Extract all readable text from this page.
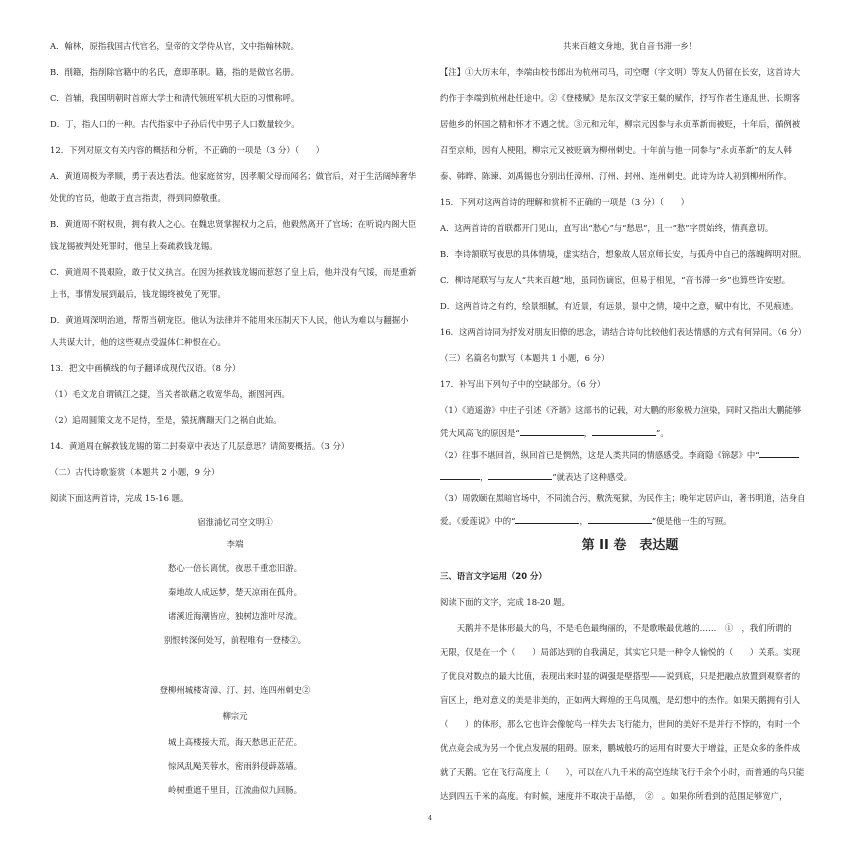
A．翰林，原指我国古代官名，皇帝的文学侍从官，文中指翰林院。
B．削籍，指削除官籍中的名氏，意即革职。籍，指的是做官名册。
C．首辅，我国明朝时首席大学士和清代领班军机大臣的习惯称呼。
D．丁，指人口的一种。古代指家中子孙后代中男子人口数量较少。
12．下列对原文有关内容的概括和分析，不正确的一项是（3 分）（　　）
A．黄道周极为孝顺，勇于表达看法。他家庭贫穷，因孝顺父母而闻名；做官后，对于生活阔绰奢华
处优的官员，他敢于直言指责，得到同僚敬重。
B．黄道周不附权贵，拥有救人之心。在魏忠贤掌握权力之后，他毅然离开了官场；在听说内阁大臣
钱龙锡被判处死罪时，他呈上奏疏救钱龙锡。
C．黄道周不畏艰险，敢于仗义执言。在因为拯救钱龙锡而惹怒了皇上后，他并没有气馁，而是重新
上书，事情发展到最后，钱龙锡终被免了死罪。
D．黄道周深明治道，帮帮当朝宠臣。他认为法律并不能用来压制天下人民，他认为难以与翻掘小
人共谋大计，他的这些观点受温体仁种恨在心。
13．把文中画横线的句子翻译成现代汉语。（8 分）
（1）毛文龙自谓镇江之捷，当关者欲藉之收宽华岛，渐图河西。
（2）追周圆策文龙不足恃，至是，猿抚膺蹦天门之祸自此始。
14．黄道周在解救钱龙锡的第二封奏章中表达了几层意思？请简要概括。（3 分）
（二）古代诗歌鉴赏（本题共 2 小题，9 分）
阅读下面这两首诗，完成 15-16 题。
宿淮浦忆司空文明①
李端
愁心一倍长离忧，夜思千重恋旧游。
秦地故人成远梦，楚天凉雨在孤舟。
诸溪近海潮皆应，独树边淮叶尽流。
别恨转深何处写，前程唯有一登楼②。
登柳州城楼寄漳、汀、封、连四州刺史②
柳宗元
城上高楼接大荒，海天愁思正茫茫。
惊风乱飐芙蓉水，密雨斜侵薜荔墙。
岭树重遮千里目，江流曲似九回肠。
共来百越文身地，犹自音书滞一乡！
【注】①大历末年，李端由校书郎出为杭州司马，司空曙（字文明）等友人仍留在长安，这首诗大
约作于李端到杭州赴任途中。②《登楼赋》是东汉文学家王粲的赋作，抒写作者生逢乱世、长期客
居他乡的怀国之精和怀才不遇之忧。③元和元年，柳宗元因参与永贞革新而被贬，十年后，循例被
召至京师，因有人梗阻，柳宗元又被贬谪为柳州刺史。十年前与他一同参与“永贞革新”的友人韩
泰、韩晔、陈谏、刘禹锡也分别出任漳州、汀州、封州、连州刺史。此诗为诗人初到柳州所作。
15．下列对这两首诗的理解和赏析不正确的一项是（3 分）（　　）
A．这两首诗的首联都开门见山，直写出“愁心”与“愁思”，且一“愁”字贯始终，情真意切。
B．李诗颔联写夜思的具体情境，虚实结合，想象故人居京师长安，与孤舟中自己的落魄辉明对照。
C．柳诗尾联写与友人“共来百越”地，虽同伤谪宦，但易于相见，“音书滞一乡”也算些许安慰。
D．这两首诗之有约，绘景细腻，有近景，有远景，景中之情，境中之意，赋中有比，不见痕迹。
16．这两首诗同为抒发对朋友旧僚的思念，请结合诗句比较他们表达情感的方式有何异同。（6 分）
（三）名篇名句默写（本题共 1 小题，6 分）
17．补写出下列句子中的空缺部分。（6 分）
（1）《逍遥游》中庄子引述《齐谐》这部书的记载，对大鹏的形象极力渲染，同时又指出大鹏能够
凭大风高飞的原因是“	，	”。
（2）往事不堪回首，纵回首已是惘然，这是人类共同的情感感受。李商隐《锦瑟》中“
，	”就表达了这种感受。
（3）周敦颐在黑暗官场中，不同流合污，敷洗冤狱，为民作主；晚年定居庐山，著书明道，洁身自
爱。《爱莲说》中的“	，	”便是他一生的写照。
第 II 卷　表达题
三、语言文字运用（20 分）
阅读下面的文字，完成 18-20 题。
　　天鹅并不是体形最大的鸟，不是毛色最绚丽的，不是歌喉最优越的……　①　，我们所谓的
无限，仅是在一个（　　）局部达到的自我满足，其实它只是一种令人愉悦的（　　）关系。实现
了优良对数点的最大比值，表现出来时显的调强是壁搭型——说到底，只是把融点放置到观察者的
盲区上，绝对意义的美是非美的，正如两大辉煌的王鸟凤凰，是幻想中的杰作。如果天鹅拥有引人
（　　）的体形，那么它也许会像鸵鸟一样失去飞行能力，世间的美好不是并行不悖的，有时一个
优点竟会成为另一个优点发展的阻碍。原来，鹏城般巧的运用有时要大于增益，正是众多的条件成
就了天鹅。它在飞行高度上（　　），可以在八九千米的高空连续飞行千余个小时，而普通的鸟只能
达到四五千米的高度。有时候，速度并不取决于品德，　②　。如果你所看到的范围足够宽广，
4
